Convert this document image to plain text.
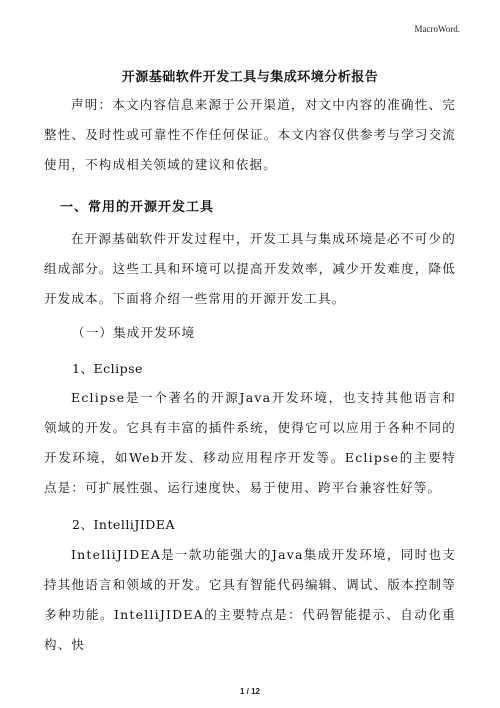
MacroWord.
开源基础软件开发工具与集成环境分析报告

声明：本文内容信息来源于公开渠道，对文中内容的准确性、完整性、及时性或可靠性不作任何保证。本文内容仅供参考与学习交流使用，不构成相关领域的建议和依据。

一、常用的开源开发工具

在开源基础软件开发过程中，开发工具与集成环境是必不可少的组成部分。这些工具和环境可以提高开发效率，减少开发难度，降低开发成本。下面将介绍一些常用的开源开发工具。

（一）集成开发环境
1、Eclipse

Eclipse是一个著名的开源Java开发环境，也支持其他语言和领域的开发。它具有丰富的插件系统，使得它可以应用于各种不同的开发环境，如Web开发、移动应用程序开发等。Eclipse的主要特点是：可扩展性强、运行速度快、易于使用、跨平台兼容性好等。

2、IntelliJIDEA

IntelliJIDEA是一款功能强大的Java集成开发环境，同时也支持其他语言和领域的开发。它具有智能代码编辑、调试、版本控制等多种功能。IntelliJIDEA的主要特点是：代码智能提示、自动化重构、快

1 / 12
